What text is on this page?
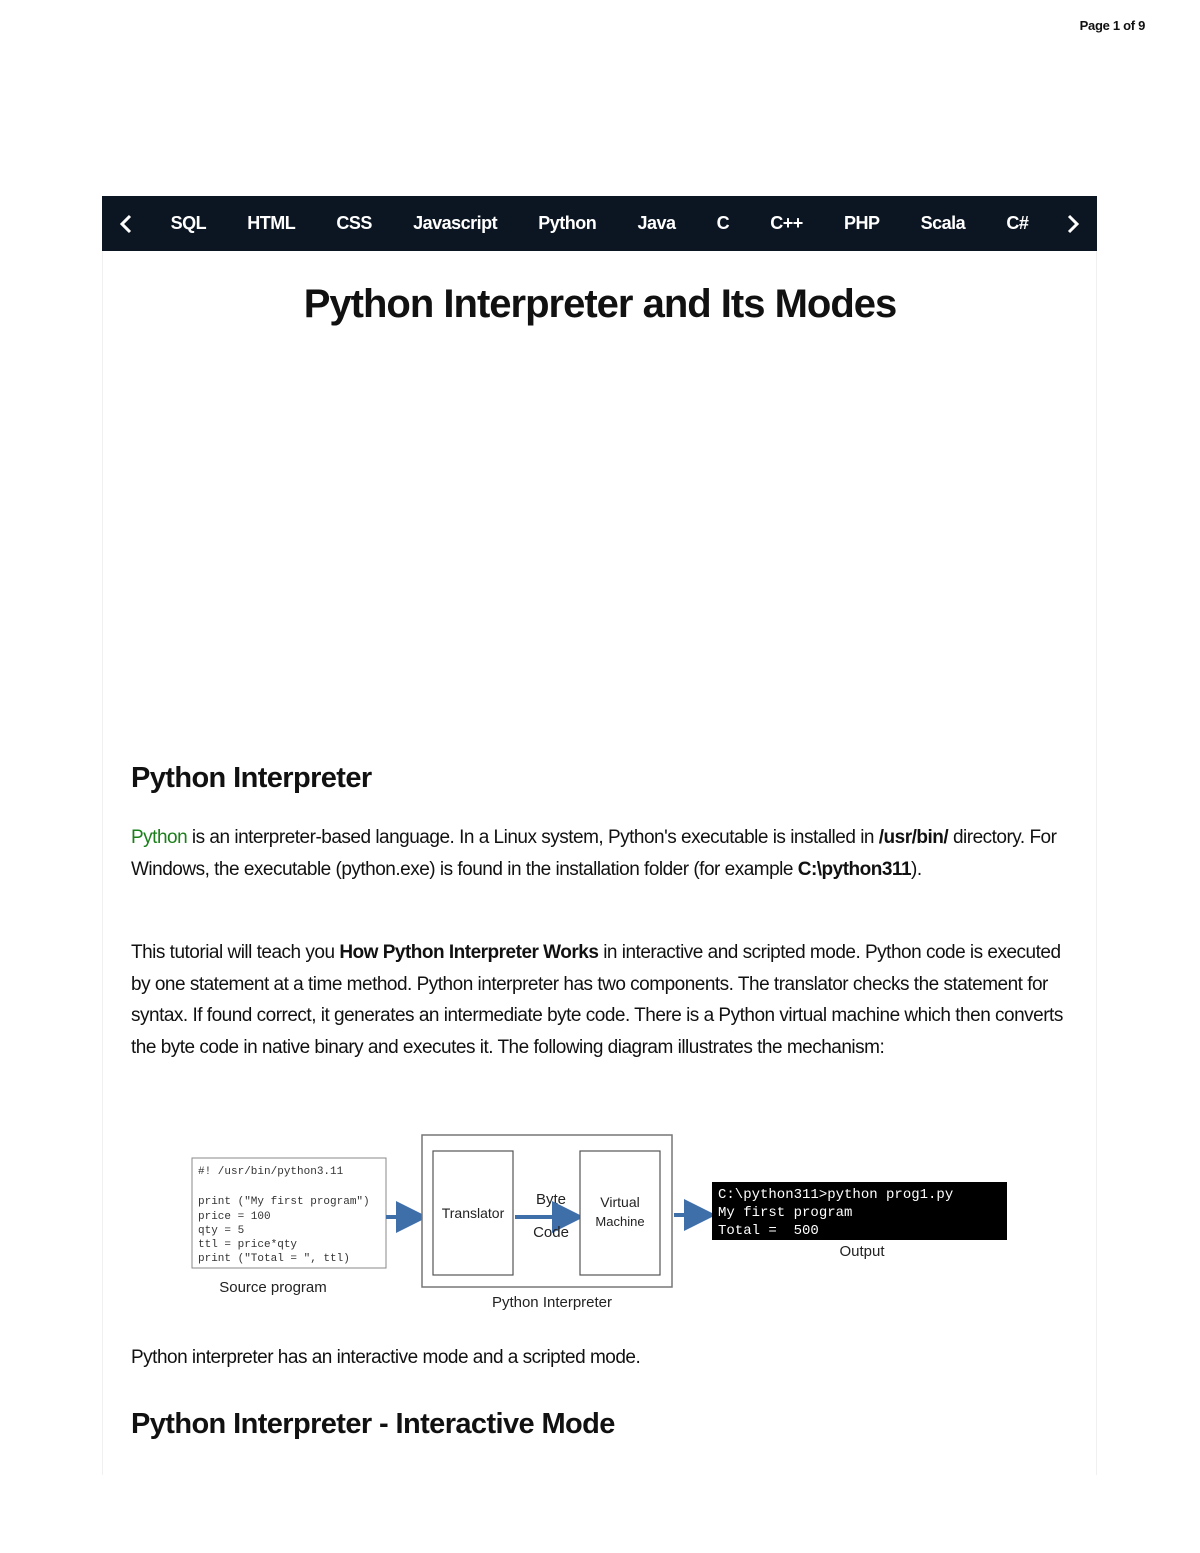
Page 1 of 9
SQL HTML CSS Javascript Python Java C C++ PHP Scala C#
Python Interpreter and Its Modes
Python Interpreter

Python is an interpreter-based language. In a Linux system, Python's executable is installed in /usr/bin/ directory. For Windows, the executable (python.exe) is found in the installation folder (for example C:\python311).

This tutorial will teach you How Python Interpreter Works in interactive and scripted mode. Python code is executed by one statement at a time method. Python interpreter has two components. The translator checks the statement for syntax. If found correct, it generates an intermediate byte code. There is a Python virtual machine which then converts the byte code in native binary and executes it. The following diagram illustrates the mechanism:

#! /usr/bin/python3.11
print ("My first program")
price = 100
qty = 5
ttl = price*qty
print ("Total = ", ttl)
Source program
Translator
Byte
Code
Virtual
Machine
Python Interpreter
C:\python311>python prog1.py
My first program
Total =  500
Output

Python interpreter has an interactive mode and a scripted mode.

Python Interpreter - Interactive Mode
